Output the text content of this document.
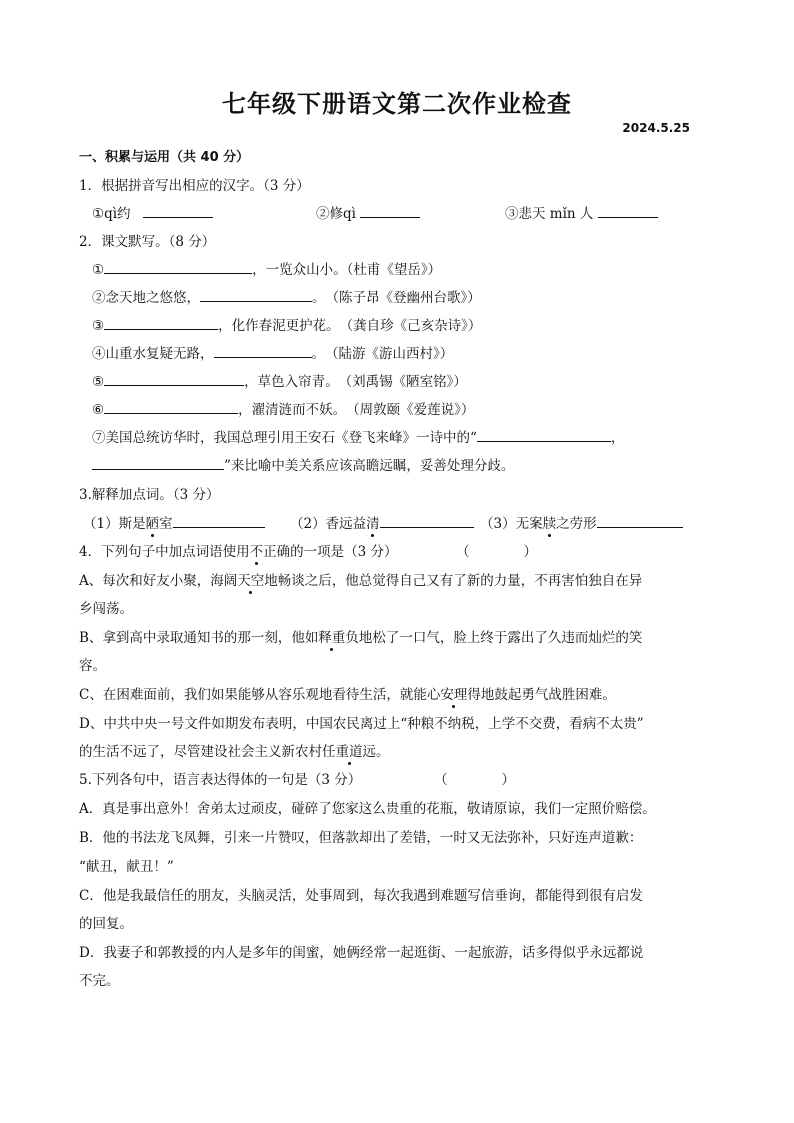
七年级下册语文第二次作业检查
2024.5.25
一、积累与运用（共 40 分）
1．根据拼音写出相应的汉字。（3 分）
①qì约	②修qì	③悲天 mǐn 人
2．课文默写。（8 分）
①	，一览众山小。（杜甫《望岳》）
②念天地之悠悠，	。　（陈子昂《登幽州台歌》）
③	，化作春泥更护花。　（龚自珍《己亥杂诗》）
④山重水复疑无路，	。　（陆游《游山西村》）
⑤	，草色入帘青。　（刘禹锡《陋室铭》）
⑥	，濯清涟而不妖。　（周敦颐《爱莲说》）
⑦美国总统访华时，我国总理引用王安石《登飞来峰》一诗中的“	，
”来比喻中美关系应该高瞻远瞩，妥善处理分歧。
3.解释加点词。（3 分）
（1）斯是陋室	（2）香远益清	（3）无案牍之劳形
4．下列句子中加点词语使用不正确的一项是（3 分）	（　　　　）
A、每次和好友小聚，海阔天空地畅谈之后，他总觉得自己又有了新的力量，不再害怕独自在异
乡闯荡。
B、拿到高中录取通知书的那一刻，他如释重负地松了一口气，脸上终于露出了久违而灿烂的笑
容。
C、在困难面前，我们如果能够从容乐观地看待生活，就能心安理得地鼓起勇气战胜困难。
D、中共中央一号文件如期发布表明，中国农民离过上“种粮不纳税，上学不交费，看病不太贵”
的生活不远了，尽管建设社会主义新农村任重道远。
5.下列各句中，语言表达得体的一句是（3 分）	（　　　　）
A．真是事出意外！舍弟太过顽皮，碰碎了您家这么贵重的花瓶，敬请原谅，我们一定照价赔偿。
B．他的书法龙飞凤舞，引来一片赞叹，但落款却出了差错，一时又无法弥补，只好连声道歉：
“献丑，献丑！”
C．他是我最信任的朋友，头脑灵活，处事周到，每次我遇到难题写信垂询，都能得到很有启发
的回复。
D．我妻子和郭教授的内人是多年的闺蜜，她俩经常一起逛街、一起旅游，话多得似乎永远都说
不完。
